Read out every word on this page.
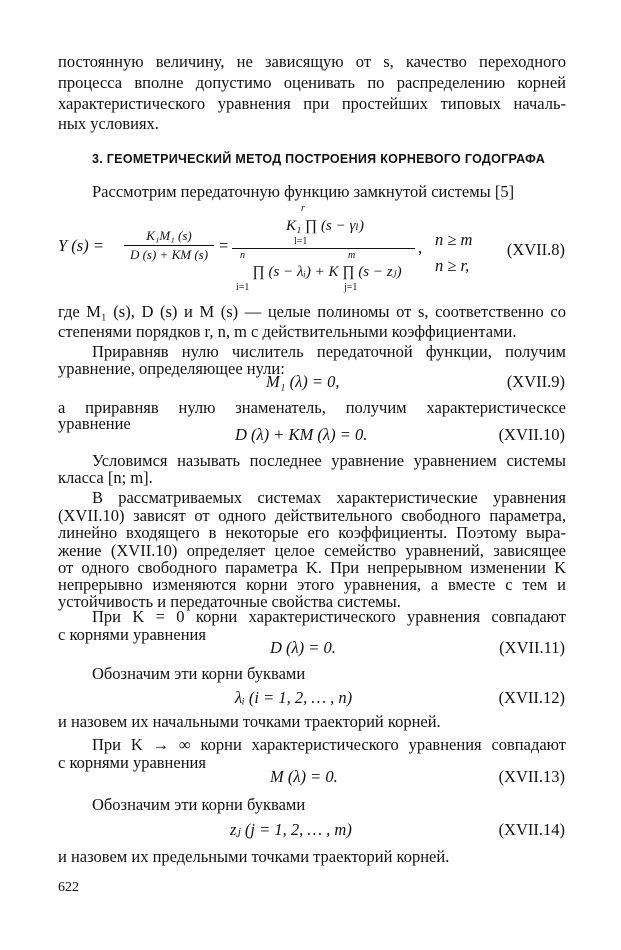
постоянную величину, не зависящую от s, качество переходного
процесса вполне допустимо оценивать по распределению корней
характеристического уравнения при простейших типовых началь-
ных условиях.
3. ГЕОМЕТРИЧЕСКИЙ МЕТОД ПОСТРОЕНИЯ КОРНЕВОГО ГОДОГРАФА
Рассмотрим передаточную функцию замкнутой системы [5]
Y (s) =
K₁M₁ (s)
D (s) + KM (s) =
r
K₁ ∏ (s − γₗ)
l=1
n	m
∏ (s − λᵢ) + K ∏ (s − zⱼ)
i=1	j=1
, n ≥ m
n ≥ r,
(XVII.8)
где M₁ (s), D (s) и M (s) — целые полиномы от s, соответственно со
степенями порядков r, n, m с действительными коэффициентами.
Приравняв нулю числитель передаточной функции, получим
уравнение, определяющее нули:
M₁ (λ) = 0,	(XVII.9)
а приравняв нулю знаменатель, получим характеристическсе
уравнение
D (λ) + KM (λ) = 0.	(XVII.10)
Условимся называть последнее уравнение уравнением системы
класса [n; m].
В рассматриваемых системах характеристические уравнения
(XVII.10) зависят от одного действительного свободного параметра,
линейно входящего в некоторые его коэффициенты. Поэтому выра-
жение (XVII.10) определяет целое семейство уравнений, зависящее
от одного свободного параметра K. При непрерывном изменении K
непрерывно изменяются корни этого уравнения, а вместе с тем и
устойчивость и передаточные свойства системы.
При K = 0 корни характеристического уравнения совпадают
с корнями уравнения
D (λ) = 0.	(XVII.11)
Обозначим эти корни буквами
λᵢ (i = 1, 2, … , n)	(XVII.12)
и назовем их начальными точками траекторий корней.
При K → ∞ корни характеристического уравнения совпадают
с корнями уравнения
M (λ) = 0.	(XVII.13)
Обозначим эти корни буквами
zⱼ (j = 1, 2, … , m)	(XVII.14)
и назовем их предельными точками траекторий корней.
622
